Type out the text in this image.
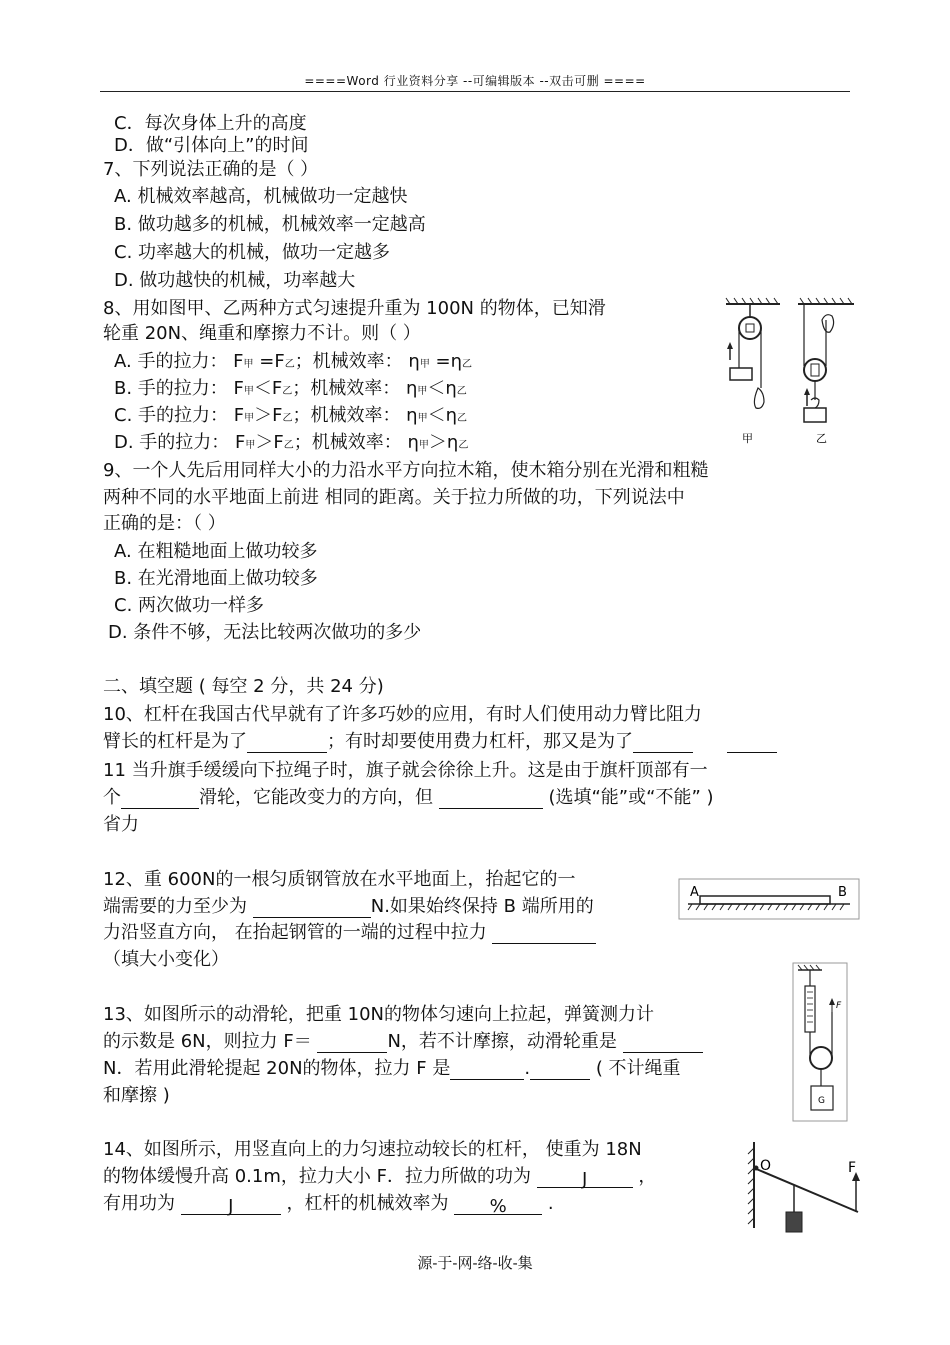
====Word 行业资料分享 --可编辑版本 --双击可删 ====
C．每次身体上升的高度
D．做“引体向上”的时间
7、下列说法正确的是（ ）
A. 机械效率越高，机械做功一定越快
B. 做功越多的机械，机械效率一定越高
C. 功率越大的机械，做功一定越多
D. 做功越快的机械，功率越大
8、用如图甲、乙两种方式匀速提升重为 100N 的物体，已知滑
轮重 20N、绳重和摩擦力不计。则（ ）
A. 手的拉力： F甲 =F乙；机械效率： η甲 =η乙
B. 手的拉力： F甲＜F乙；机械效率： η甲＜η乙
C. 手的拉力： F甲＞F乙；机械效率： η甲＜η乙
D. 手的拉力： F甲＞F乙；机械效率： η甲＞η乙
甲	乙
9、一个人先后用同样大小的力沿水平方向拉木箱，使木箱分别在光滑和粗糙
两种不同的水平地面上前进 相同的距离。关于拉力所做的功，下列说法中
正确的是：（ ）
A. 在粗糙地面上做功较多
B. 在光滑地面上做功较多
C. 两次做功一样多
D. 条件不够，无法比较两次做功的多少
二、填空题 ( 每空 2 分，共 24 分)
10、杠杆在我国古代早就有了许多巧妙的应用，有时人们使用动力臂比阻力
臂长的杠杆是为了	；有时却要使用费力杠杆，那又是为了
11 当升旗手缓缓向下拉绳子时，旗子就会徐徐上升。这是由于旗杆顶部有一
个	滑轮，它能改变力的方向，但	(选填“能”或“不能” )
省力
12、重 600N的一根匀质钢管放在水平地面上，抬起它的一
端需要的力至少为	N.如果始终保持 B 端所用的
力沿竖直方向， 在抬起钢管的一端的过程中拉力
（填大小变化）
A	B
13、如图所示的动滑轮，把重 10N的物体匀速向上拉起，弹簧测力计
的示数是 6N，则拉力 F＝	N，若不计摩擦，动滑轮重是
N．若用此滑轮提起 20N的物体，拉力 F 是	.	( 不计绳重
和摩擦 )
F
G
14、如图所示，用竖直向上的力匀速拉动较长的杠杆， 使重为 18N
的物体缓慢升高 0.1m，拉力大小 F．拉力所做的功为	J	，
有用功为	J	，杠杆的机械效率为 % .
O	F
源-于-网-络-收-集
